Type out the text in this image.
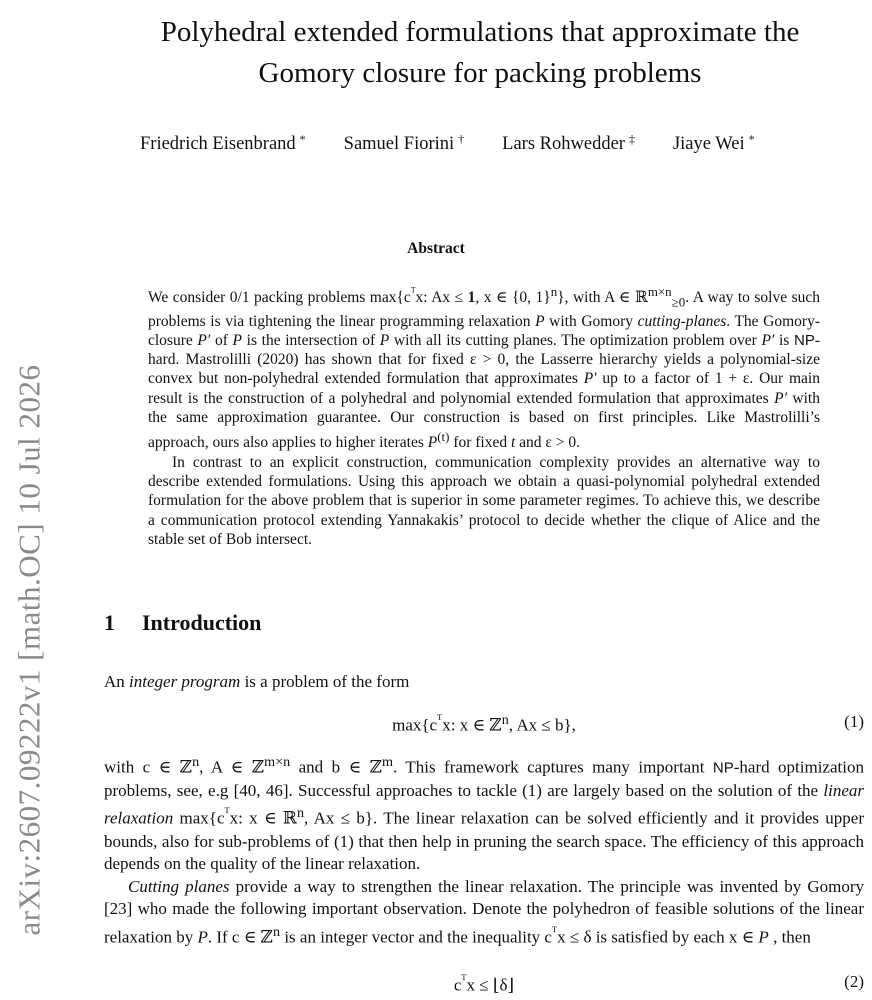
arXiv:2607.09222v1 [math.OC] 10 Jul 2026
Polyhedral extended formulations that approximate the Gomory closure for packing problems
Friedrich Eisenbrand * Samuel Fiorini † Lars Rohwedder ‡ Jiaye Wei *
Abstract

We consider 0/1 packing problems $\max\{c^ᵀx$: Ax ≤ 1, x ∈ {0, 1}$^n$}, with A ∈ ℝ$^{m\times n}_{\ge 0}$. A way to solve such problems is via tightening the linear programming relaxation P with Gomory cutting-planes. The Gomory-closure P′ of P is the intersection of P with all its cutting planes. The optimization problem over P′ is NP-hard. Mastrolilli (2020) has shown that for fixed ε > 0, the Lasserre hierarchy yields a polynomial-size convex but non-polyhedral extended formulation that approximates P′ up to a factor of 1 + ε. Our main result is the construction of a polyhedral and polynomial extended formulation that approximates P′ with the same approximation guarantee. Our construction is based on first principles. Like Mastrolilli’s approach, ours also applies to higher iterates $P^{(t)}$ for fixed t and ε > 0.

In contrast to an explicit construction, communication complexity provides an alternative way to describe extended formulations. Using this approach we obtain a quasi-polynomial polyhedral extended formulation for the above problem that is superior in some parameter regimes. To achieve this, we describe a communication protocol extending Yannakakis’ protocol to decide whether the clique of Alice and the stable set of Bob intersect.

1 Introduction

An integer program is a problem of the form

$\max\{c^ᵀx$: x ∈ ℤ$^n$, Ax ≤ b},	(1)

with c ∈ ℤ$^n$, A ∈ ℤ$^{m\times n}$ and b ∈ ℤ$^m$. This framework captures many important NP-hard optimization problems, see, e.g [40, 46]. Successful approaches to tackle (1) are largely based on the solution of the linear relaxation $\max\{c^ᵀx$: x ∈ ℝ$^n$, Ax ≤ b}. The linear relaxation can be solved efficiently and it provides upper bounds, also for sub-problems of (1) that then help in pruning the search space. The efficiency of this approach depends on the quality of the linear relaxation.

Cutting planes provide a way to strengthen the linear relaxation. The principle was invented by Gomory [23] who made the following important observation. Denote the polyhedron of feasible solutions of the linear relaxation by P. If c ∈ ℤ$^n$ is an integer vector and the inequality $c^ᵀx \le \delta$ is satisfied by each x ∈ P , then

$c^ᵀx$ ≤ ⌊δ⌋	(2)
